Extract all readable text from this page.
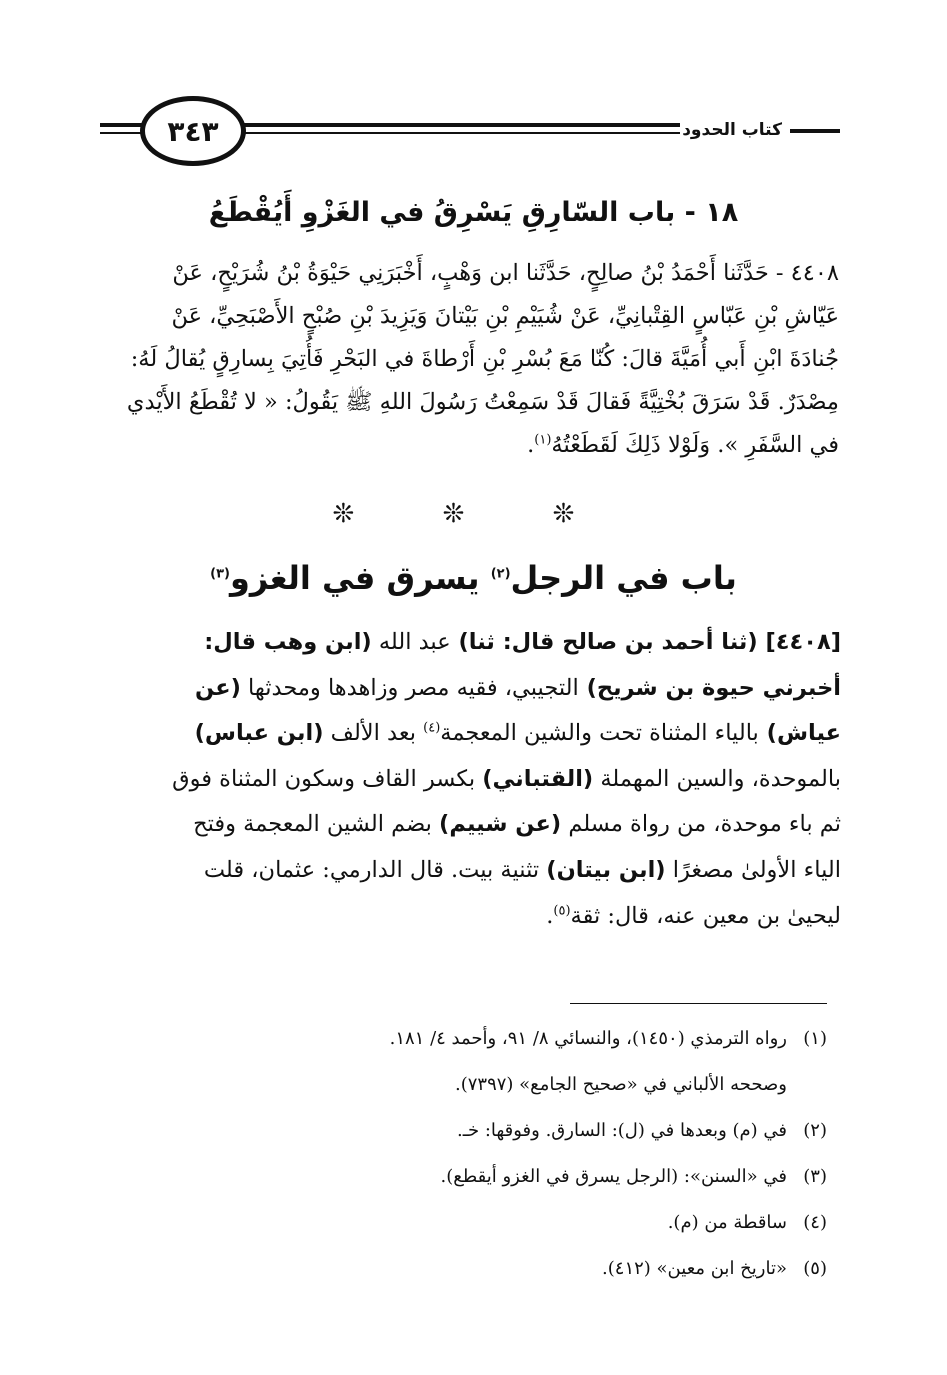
٣٤٣	كتاب الحدود
١٨ - باب السّارِقِ يَسْرِقُ في الغَزْوِ أَيُقْطَعُ
٤٤٠٨ - حَدَّثَنا أَحْمَدُ بْنُ صالِحٍ، حَدَّثَنا ابن وَهْبٍ، أَخْبَرَنِي حَيْوَةُ بْنُ شُرَيْحٍ، عَنْ
عَيّاشِ بْنِ عَبّاسٍ القِتْبانِيِّ، عَنْ شُيَيْمِ بْنِ بَيْتانَ وَيَزِيدَ بْنِ صُبْحٍ الأَصْبَحِيِّ، عَنْ
جُنادَةَ ابْنِ أَبي أُمَيَّةَ قالَ: كُنّا مَعَ بُسْرِ بْنِ أَرْطاةَ في البَحْرِ فَأُتِيَ بِسارِقٍ يُقالُ لَهُ:
مِصْدَرٌ. قَدْ سَرَقَ بُخْتِيَّةً فَقالَ قَدْ سَمِعْتُ رَسُولَ اللهِ ﷺ يَقُولُ: « لا تُقْطَعُ الأَيْدي
في السَّفَرِ ». وَلَوْلا ذَلِكَ لَقَطَعْتُهُ$^{(١)}$.
❊ ❊ ❊
باب في الرجل$^{(٢)}$ يسرق في الغزو$^{(٣)}$
[٤٤٠٨] (ثنا أحمد بن صالح قال: ثنا) عبد الله (ابن وهب قال:
أخبرني حيوة بن شريح) التجيبي، فقيه مصر وزاهدها ومحدثها (عن
عياش) بالياء المثناة تحت والشين المعجمة$^{(٤)}$ بعد الألف (ابن عباس)
بالموحدة، والسين المهملة (القتباني) بكسر القاف وسكون المثناة فوق
ثم باء موحدة، من رواة مسلم (عن شييم) بضم الشين المعجمة وفتح
الياء الأولىٰ مصغرًا (ابن بيتان) تثنية بيت. قال الدارمي: عثمان، قلت
ليحيىٰ بن معين عنه، قال: ثقة$^{(٥)}$.
(١)رواه الترمذي (١٤٥٠)، والنسائي ٨/ ٩١، وأحمد ٤/ ١٨١.
وصححه الألباني في «صحيح الجامع» (٧٣٩٧).
(٢)في (م) وبعدها في (ل): السارق. وفوقها: خـ.
(٣)في «السنن»: (الرجل يسرق في الغزو أيقطع).
(٤)ساقطة من (م).
(٥)«تاريخ ابن معين» (٤١٢).
